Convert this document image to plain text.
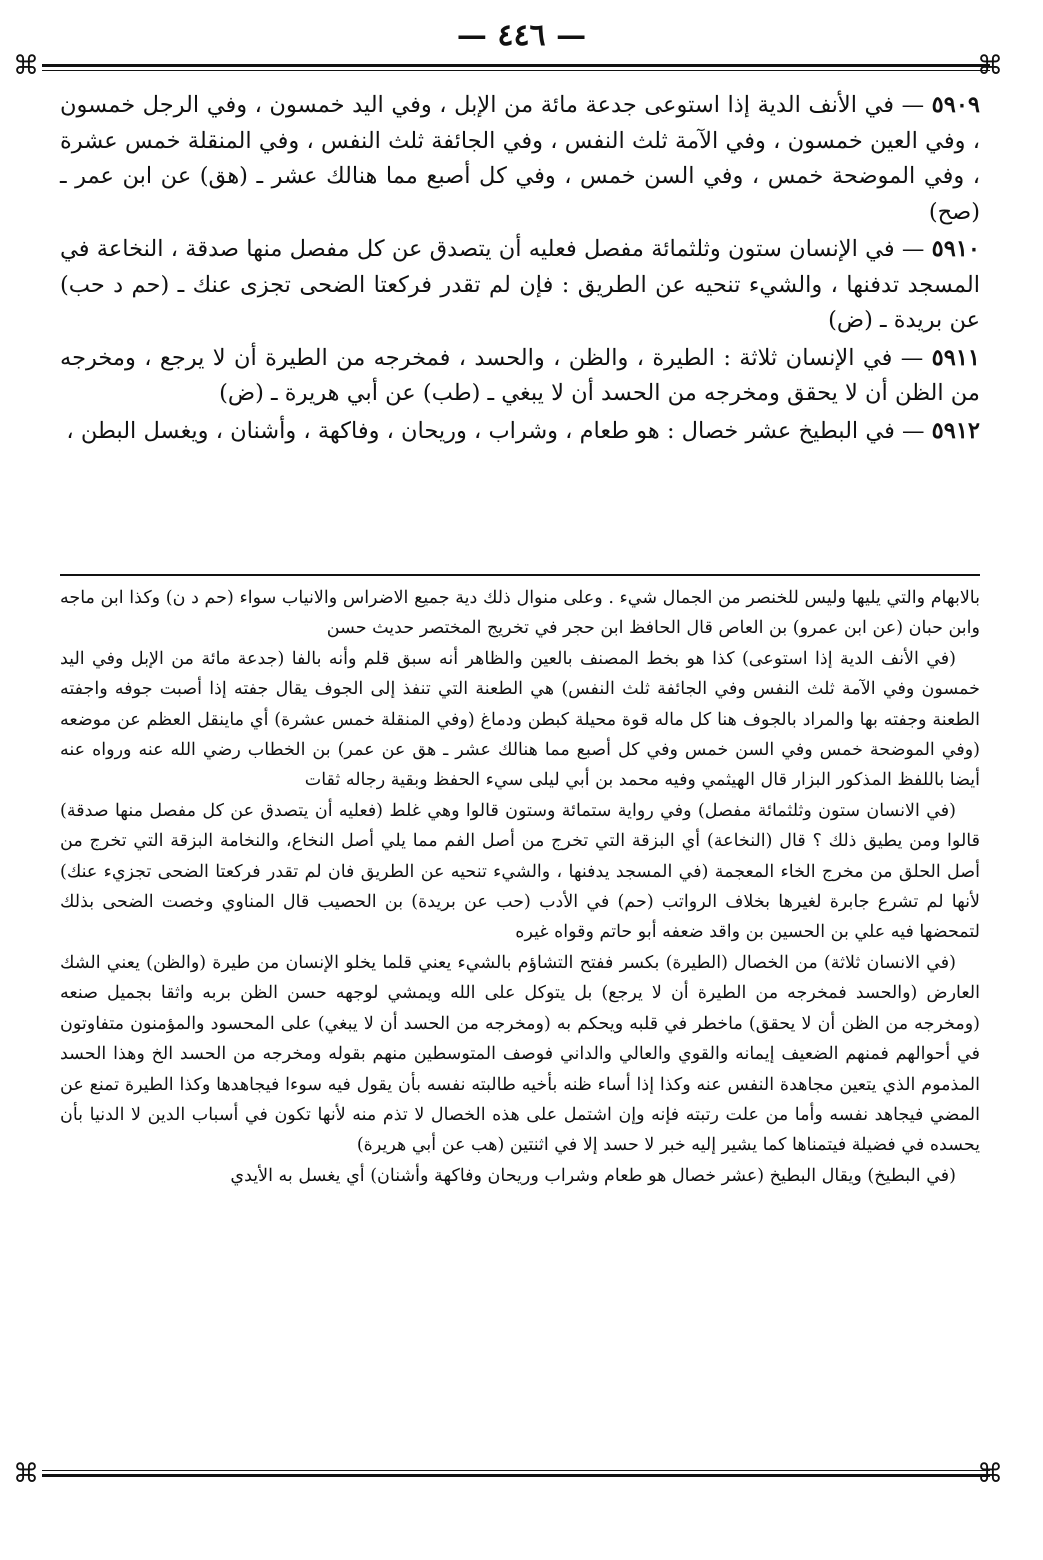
— ٤٤٦ —
⌘	⌘

٥٩٠٩ — في الأنف الدية إذا استوعى جدعة مائة من الإبل ، وفي اليد خمسون ، وفي الرجل خمسون ، وفي العين خمسون ، وفي الآمة ثلث النفس ، وفي الجائفة ثلث النفس ، وفي المنقلة خمس عشرة ، وفي الموضحة خمس ، وفي السن خمس ، وفي كل أصبع مما هنالك عشر ـ (هق) عن ابن عمر ـ (صح)

٥٩١٠ — في الإنسان ستون وثلثمائة مفصل فعليه أن يتصدق عن كل مفصل منها صدقة ، النخاعة في المسجد تدفنها ، والشيء تنحيه عن الطريق : فإن لم تقدر فركعتا الضحى تجزى عنك ـ (حم د حب) عن بريدة ـ (ض)

٥٩١١ — في الإنسان ثلاثة : الطيرة ، والظن ، والحسد ، فمخرجه من الطيرة أن لا يرجع ، ومخرجه من الظن أن لا يحقق ومخرجه من الحسد أن لا يبغي ـ (طب) عن أبي هريرة ـ (ض)

٥٩١٢ — في البطيخ عشر خصال : هو طعام ، وشراب ، وريحان ، وفاكهة ، وأشنان ، ويغسل البطن ،

بالابهام والتي يليها وليس للخنصر من الجمال شيء . وعلى منوال ذلك دية جميع الاضراس والانياب سواء (حم د ن) وكذا ابن ماجه وابن حبان (عن ابن عمرو) بن العاص قال الحافظ ابن حجر في تخريج المختصر حديث حسن

(في الأنف الدية إذا استوعى) كذا هو بخط المصنف بالعين والظاهر أنه سبق قلم وأنه بالفا (جدعة مائة من الإبل وفي اليد خمسون وفي الآمة ثلث النفس وفي الجائفة ثلث النفس) هي الطعنة التي تنفذ إلى الجوف يقال جفته إذا أصبت جوفه واجفته الطعنة وجفته بها والمراد بالجوف هنا كل ماله قوة محيلة كبطن ودماغ (وفي المنقلة خمس عشرة) أي ماينقل العظم عن موضعه (وفي الموضحة خمس وفي السن خمس وفي كل أصبع مما هنالك عشر ـ هق عن عمر) بن الخطاب رضي الله عنه ورواه عنه أيضا باللفظ المذكور البزار قال الهيثمي وفيه محمد بن أبي ليلى سيء الحفظ وبقية رجاله ثقات

(في الانسان ستون وثلثمائة مفصل) وفي رواية ستمائة وستون قالوا وهي غلط (فعليه أن يتصدق عن كل مفصل منها صدقة) قالوا ومن يطيق ذلك ؟ قال (النخاعة) أي البزقة التي تخرج من أصل الفم مما يلي أصل النخاع، والنخامة البزقة التي تخرج من أصل الحلق من مخرج الخاء المعجمة (في المسجد يدفنها ، والشيء تنحيه عن الطريق فان لم تقدر فركعتا الضحى تجزيء عنك) لأنها لم تشرع جابرة لغيرها بخلاف الرواتب (حم) في الأدب (حب عن بريدة) بن الحصيب قال المناوي وخصت الضحى بذلك لتمحضها فيه علي بن الحسين بن واقد ضعفه أبو حاتم وقواه غيره

(في الانسان ثلاثة) من الخصال (الطيرة) بكسر ففتح التشاؤم بالشيء يعني قلما يخلو الإنسان من طيرة (والظن) يعني الشك العارض (والحسد فمخرجه من الطيرة أن لا يرجع) بل يتوكل على الله ويمشي لوجهه حسن الظن بربه واثقا بجميل صنعه (ومخرجه من الظن أن لا يحقق) ماخطر في قلبه ويحكم به (ومخرجه من الحسد أن لا يبغي) على المحسود والمؤمنون متفاوتون في أحوالهم فمنهم الضعيف إيمانه والقوي والعالي والداني فوصف المتوسطين منهم بقوله ومخرجه من الحسد الخ وهذا الحسد المذموم الذي يتعين مجاهدة النفس عنه وكذا إذا أساء ظنه بأخيه طالبته نفسه بأن يقول فيه سوءا فيجاهدها وكذا الطيرة تمنع عن المضي فيجاهد نفسه وأما من علت رتبته فإنه وإن اشتمل على هذه الخصال لا تذم منه لأنها تكون في أسباب الدين لا الدنيا بأن يحسده في فضيلة فيتمناها كما يشير إليه خبر لا حسد إلا في اثنتين (هب عن أبي هريرة)

(في البطيخ) ويقال البطيخ (عشر خصال هو طعام وشراب وريحان وفاكهة وأشنان) أي يغسل به الأيدي

⌘	⌘
